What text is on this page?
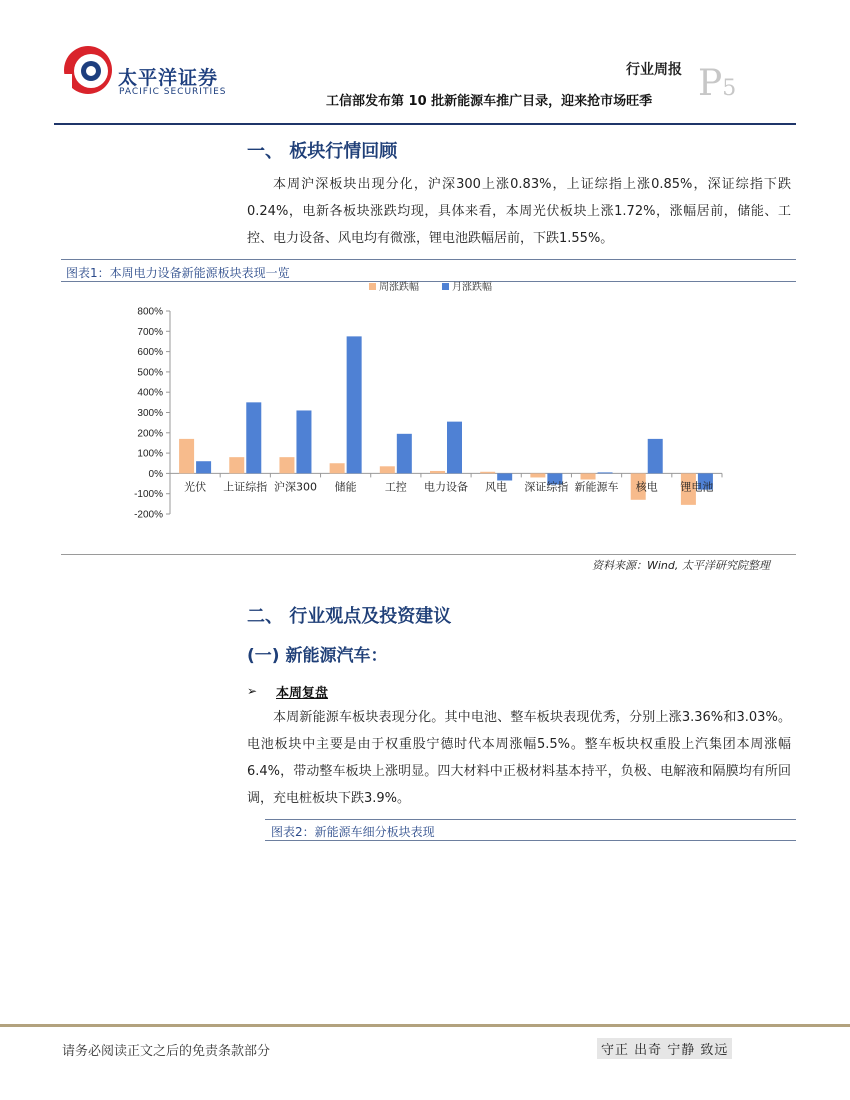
太平洋证券
PACIFIC SECURITIES
行业周报
工信部发布第 10 批新能源车推广目录，迎来抢市场旺季 P5
一、 板块行情回顾
本周沪深板块出现分化，沪深300上涨0.83%，上证综指上涨0.85%，深证综指下跌0.24%，电新各板块涨跌均现，具体来看，本周光伏板块上涨1.72%，涨幅居前，储能、工控、电力设备、风电均有微涨，锂电池跌幅居前，下跌1.55%。
图表1：本周电力设备新能源板块表现一览
800%
700%
600%
500%
400%
300%
200%
100%
0%
-100%
-200%
光伏 上证综指 沪深300 储能	工控 电力设备 风电 深证综指 新能源车 核电 锂电池
周涨跌幅	月涨跌幅
资料来源：Wind, 太平洋研究院整理
二、 行业观点及投资建议
(一) 新能源汽车：
➢ 本周复盘
本周新能源车板块表现分化。其中电池、整车板块表现优秀，分别上涨3.36%和3.03%。电池板块中主要是由于权重股宁德时代本周涨幅5.5%。整车板块权重股上汽集团本周涨幅6.4%，带动整车板块上涨明显。四大材料中正极材料基本持平，负极、电解液和隔膜均有所回调，充电桩板块下跌3.9%。
图表2：新能源车细分板块表现
请务必阅读正文之后的免责条款部分	守正 出奇 宁静 致远
